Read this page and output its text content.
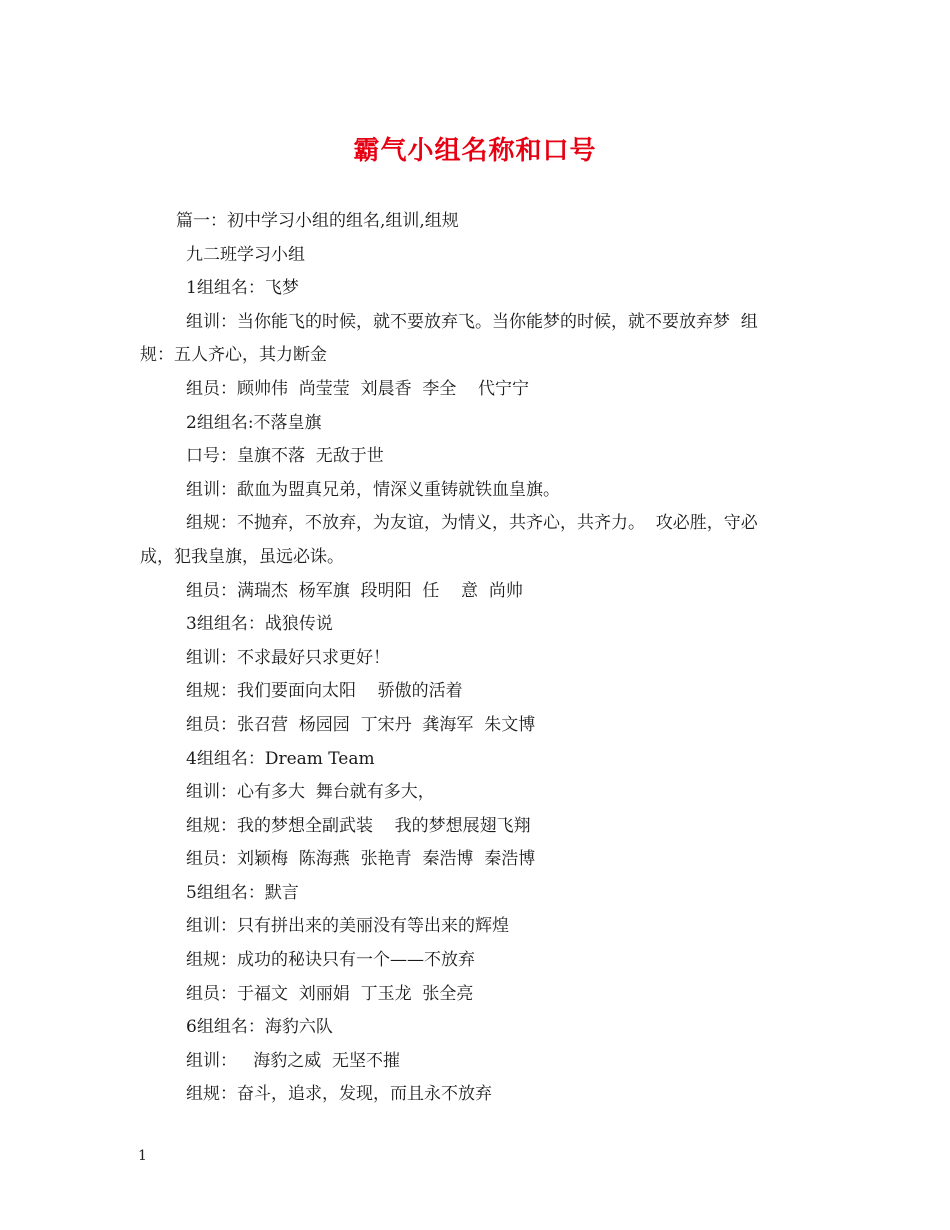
霸气小组名称和口号
篇一：初中学习小组的组名,组训,组规
九二班学习小组
1组组名：飞梦
组训：当你能飞的时候，就不要放弃飞。当你能梦的时候，就不要放弃梦  组
规：五人齐心，其力断金
组员：顾帅伟  尚莹莹  刘晨香  李全    代宁宁
2组组名:不落皇旗
口号：皇旗不落  无敌于世
组训：歃血为盟真兄弟，情深义重铸就铁血皇旗。
组规：不抛弃，不放弃，为友谊，为情义，共齐心，共齐力。  攻必胜，守必
成，犯我皇旗，虽远必诛。
组员：满瑞杰  杨军旗  段明阳  任    意  尚帅
3组组名：战狼传说
组训：不求最好只求更好！
组规：我们要面向太阳    骄傲的活着
组员：张召营  杨园园  丁宋丹  龚海军  朱文博
4组组名：Dream Team
组训：心有多大  舞台就有多大，
组规：我的梦想全副武装    我的梦想展翅飞翔
组员：刘颖梅  陈海燕  张艳青  秦浩博  秦浩博
5组组名：默言
组训：只有拼出来的美丽没有等出来的辉煌
组规：成功的秘诀只有一个——不放弃
组员：于福文  刘丽娟  丁玉龙  张全亮
6组组名：海豹六队
组训：   海豹之威  无坚不摧
组规：奋斗，追求，发现，而且永不放弃
1
